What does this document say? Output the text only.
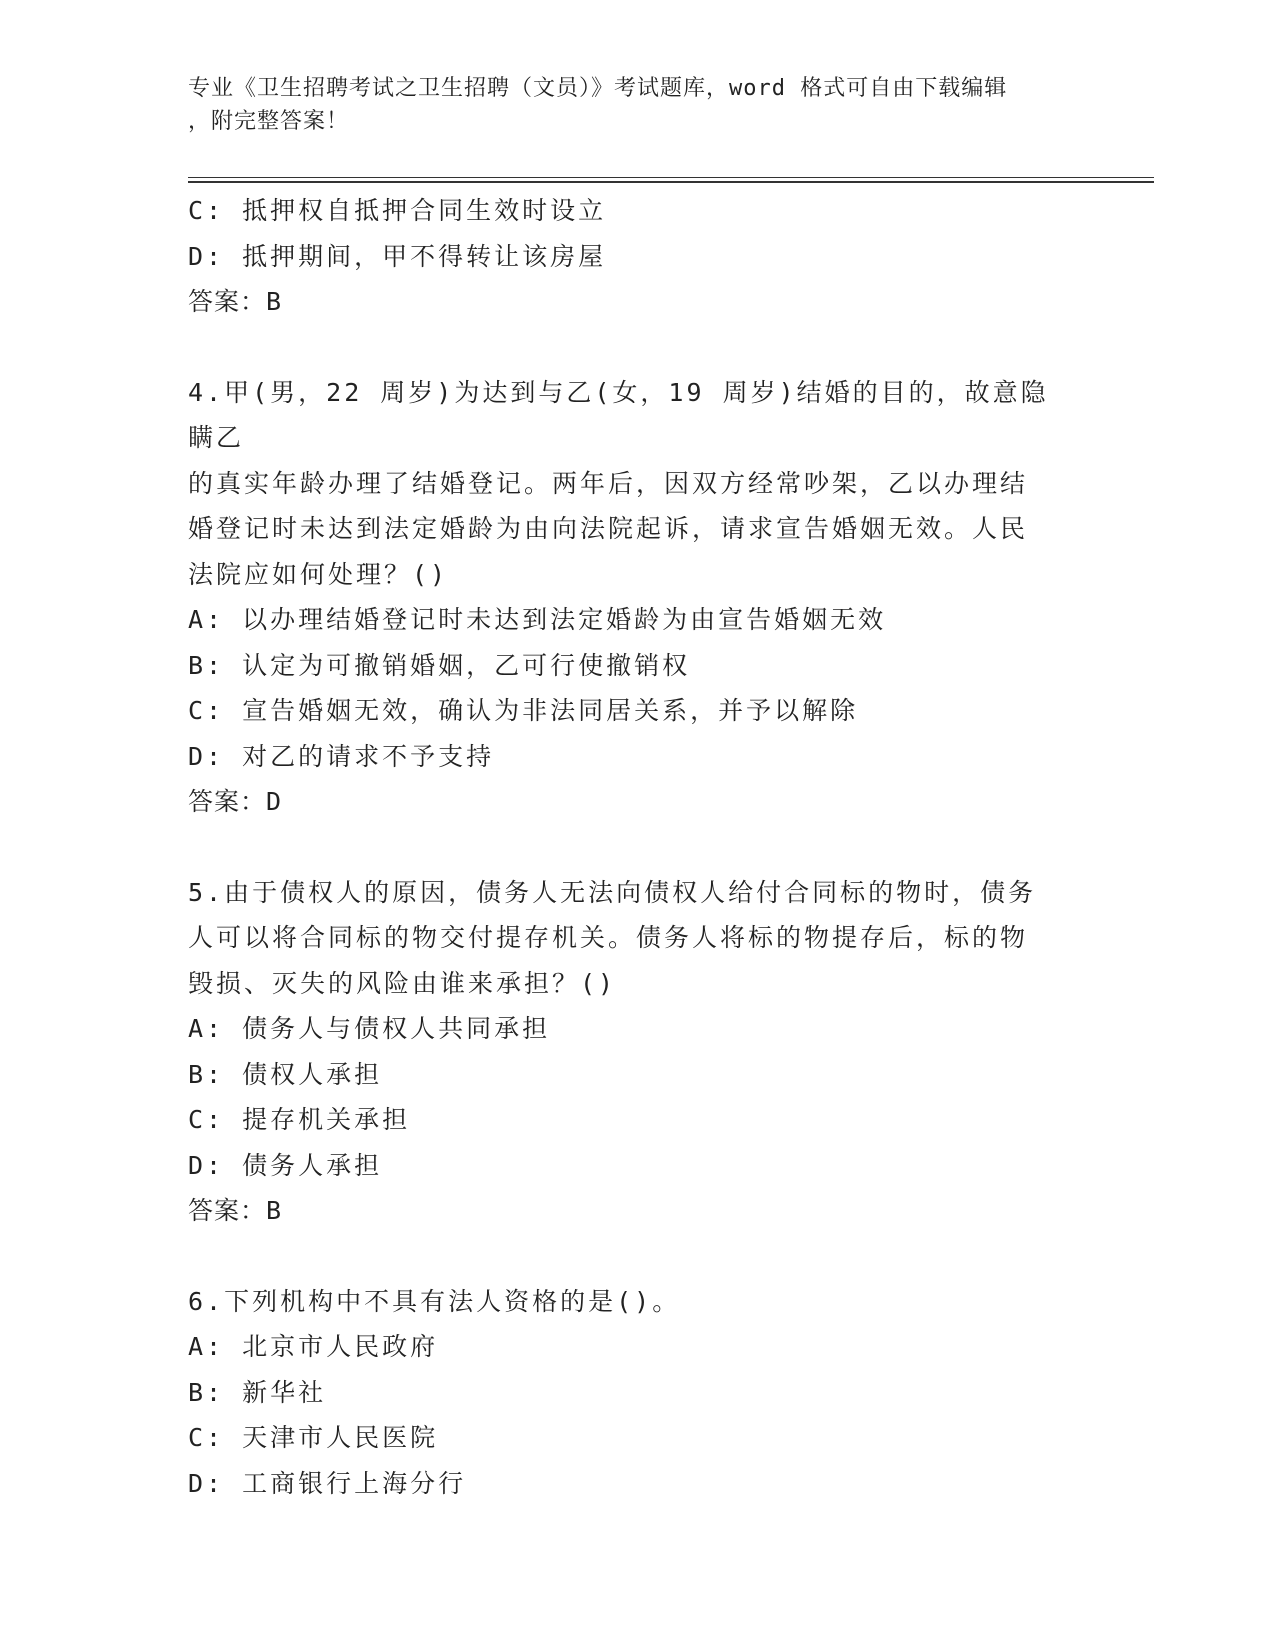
专业《卫生招聘考试之卫生招聘（文员）》考试题库，word 格式可自由下载编辑
，附完整答案！
C: 抵押权自抵押合同生效时设立
D: 抵押期间，甲不得转让该房屋
答案：B
4.甲(男，22 周岁)为达到与乙(女，19 周岁)结婚的目的，故意隐瞒乙
的真实年龄办理了结婚登记。两年后，因双方经常吵架，乙以办理结
婚登记时未达到法定婚龄为由向法院起诉，请求宣告婚姻无效。人民
法院应如何处理？()
A: 以办理结婚登记时未达到法定婚龄为由宣告婚姻无效
B: 认定为可撤销婚姻，乙可行使撤销权
C: 宣告婚姻无效，确认为非法同居关系，并予以解除
D: 对乙的请求不予支持
答案：D
5.由于债权人的原因，债务人无法向债权人给付合同标的物时，债务
人可以将合同标的物交付提存机关。债务人将标的物提存后，标的物
毁损、灭失的风险由谁来承担？()
A: 债务人与债权人共同承担
B: 债权人承担
C: 提存机关承担
D: 债务人承担
答案：B
6.下列机构中不具有法人资格的是()。
A: 北京市人民政府
B: 新华社
C: 天津市人民医院
D: 工商银行上海分行
